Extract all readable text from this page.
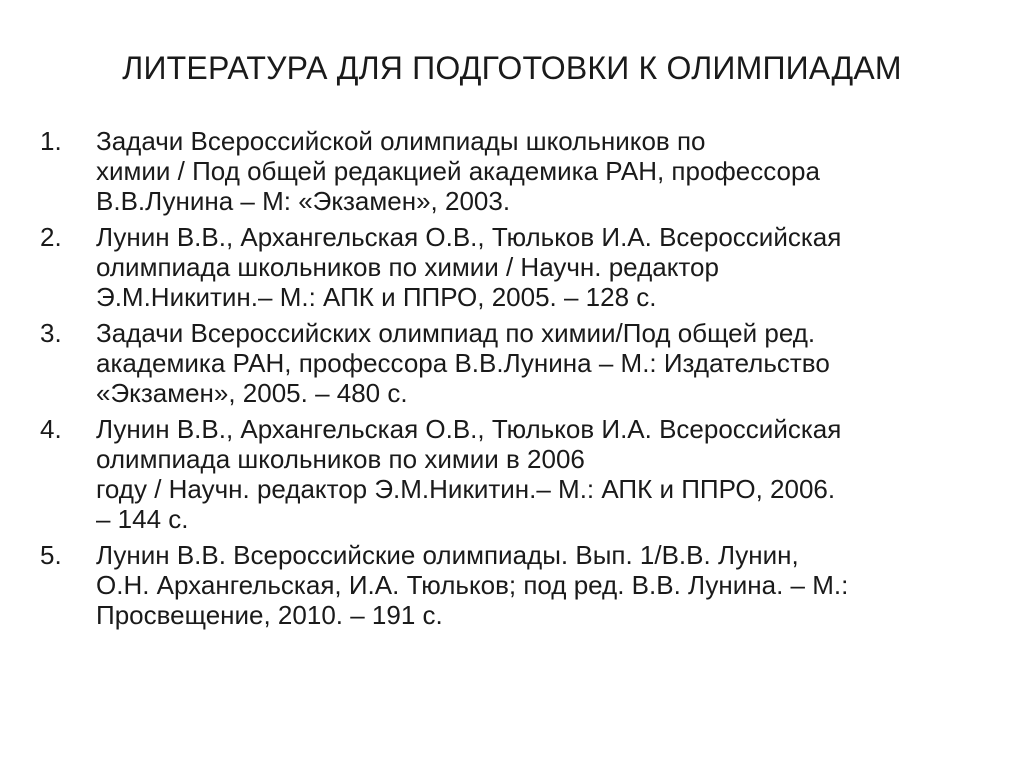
ЛИТЕРАТУРА ДЛЯ ПОДГОТОВКИ К ОЛИМПИАДАМ
1. Задачи Всероссийской олимпиады школьников по
химии / Под общей редакцией академика РАН, профессора
В.В.Лунина – М: «Экзамен», 2003.
2. Лунин В.В., Архангельская О.В., Тюльков И.А. Всероссийская
олимпиада школьников по химии / Научн. редактор
Э.М.Никитин.– М.: АПК и ППРО, 2005. – 128 с.
3. Задачи Всероссийских олимпиад по химии/Под общей ред.
академика РАН, профессора В.В.Лунина – М.: Издательство
«Экзамен», 2005. – 480 с.
4. Лунин В.В., Архангельская О.В., Тюльков И.А. Всероссийская
олимпиада школьников по химии в 2006
году / Научн. редактор Э.М.Никитин.– М.: АПК и ППРО, 2006.
– 144 с.
5. Лунин В.В. Всероссийские олимпиады. Вып. 1/В.В. Лунин,
О.Н. Архангельская, И.А. Тюльков; под ред. В.В. Лунина. – М.:
Просвещение, 2010. – 191 с.
